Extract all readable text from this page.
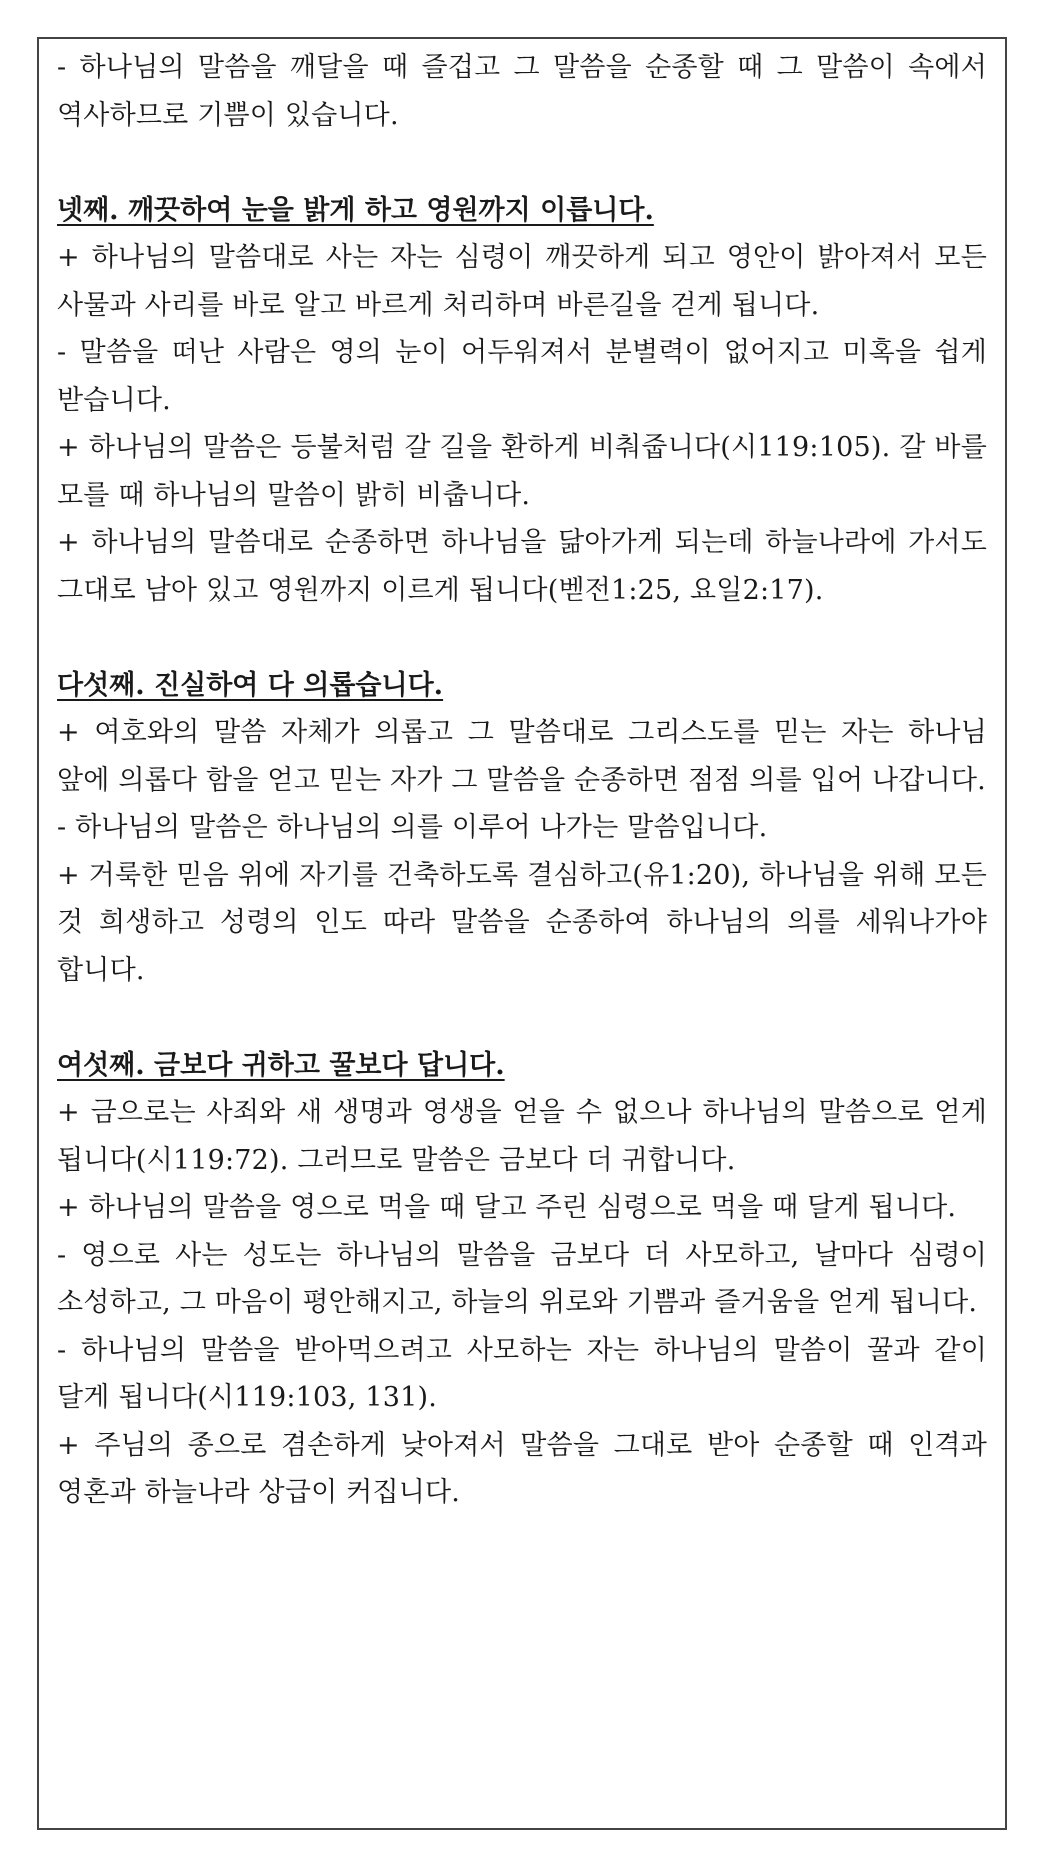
- 하나님의 말씀을 깨달을 때 즐겁고 그 말씀을 순종할 때 그 말씀이 속에서 역사하므로 기쁨이 있습니다.
넷째. 깨끗하여 눈을 밝게 하고 영원까지 이릅니다.
+ 하나님의 말씀대로 사는 자는 심령이 깨끗하게 되고 영안이 밝아져서 모든 사물과 사리를 바로 알고 바르게 처리하며 바른길을 걷게 됩니다.
- 말씀을 떠난 사람은 영의 눈이 어두워져서 분별력이 없어지고 미혹을 쉽게 받습니다.
+ 하나님의 말씀은 등불처럼 갈 길을 환하게 비춰줍니다(시119:105). 갈 바를 모를 때 하나님의 말씀이 밝히 비춥니다.
+ 하나님의 말씀대로 순종하면 하나님을 닮아가게 되는데 하늘나라에 가서도 그대로 남아 있고 영원까지 이르게 됩니다(벧전1:25, 요일2:17).
다섯째. 진실하여 다 의롭습니다.
+ 여호와의 말씀 자체가 의롭고 그 말씀대로 그리스도를 믿는 자는 하나님 앞에 의롭다 함을 얻고 믿는 자가 그 말씀을 순종하면 점점 의를 입어 나갑니다.
- 하나님의 말씀은 하나님의 의를 이루어 나가는 말씀입니다.
+ 거룩한 믿음 위에 자기를 건축하도록 결심하고(유1:20), 하나님을 위해 모든 것 희생하고 성령의 인도 따라 말씀을 순종하여 하나님의 의를 세워나가야 합니다.
여섯째. 금보다 귀하고 꿀보다 답니다.
+ 금으로는 사죄와 새 생명과 영생을 얻을 수 없으나 하나님의 말씀으로 얻게 됩니다(시119:72). 그러므로 말씀은 금보다 더 귀합니다.
+ 하나님의 말씀을 영으로 먹을 때 달고 주린 심령으로 먹을 때 달게 됩니다.
- 영으로 사는 성도는 하나님의 말씀을 금보다 더 사모하고, 날마다 심령이 소성하고, 그 마음이 평안해지고, 하늘의 위로와 기쁨과 즐거움을 얻게 됩니다.
- 하나님의 말씀을 받아먹으려고 사모하는 자는 하나님의 말씀이 꿀과 같이 달게 됩니다(시119:103, 131).
+ 주님의 종으로 겸손하게 낮아져서 말씀을 그대로 받아 순종할 때 인격과 영혼과 하늘나라 상급이 커집니다.
